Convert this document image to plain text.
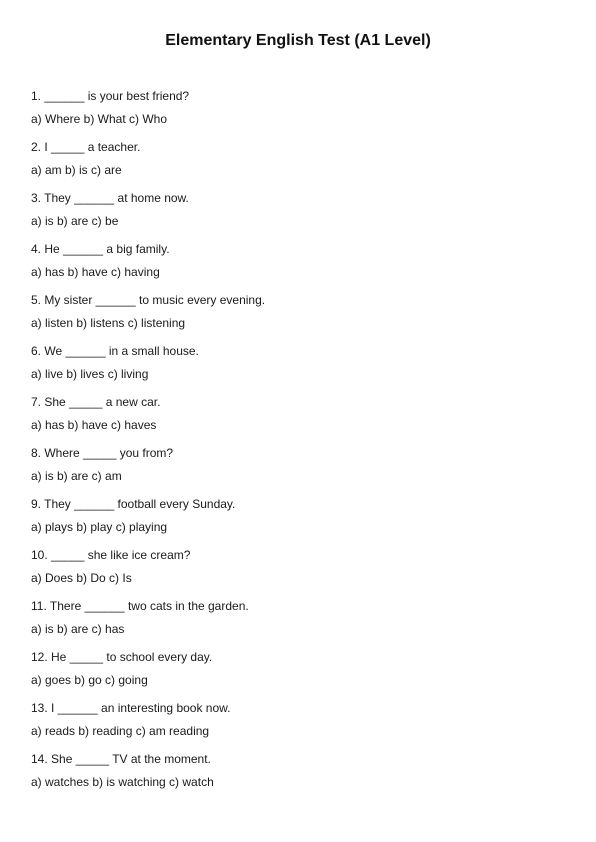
Elementary English Test (A1 Level)
1. ______ is your best friend?
a) Where b) What c) Who
2. I _____ a teacher.
a) am b) is c) are
3. They ______ at home now.
a) is b) are c) be
4. He ______ a big family.
a) has b) have c) having
5. My sister ______ to music every evening.
a) listen b) listens c) listening
6. We ______ in a small house.
a) live b) lives c) living
7. She _____ a new car.
a) has b) have c) haves
8. Where _____ you from?
a) is b) are c) am
9. They ______ football every Sunday.
a) plays b) play c) playing
10. _____ she like ice cream?
a) Does b) Do c) Is
11. There ______ two cats in the garden.
a) is b) are c) has
12. He _____ to school every day.
a) goes b) go c) going
13. I ______ an interesting book now.
a) reads b) reading c) am reading
14. She _____ TV at the moment.
a) watches b) is watching c) watch
